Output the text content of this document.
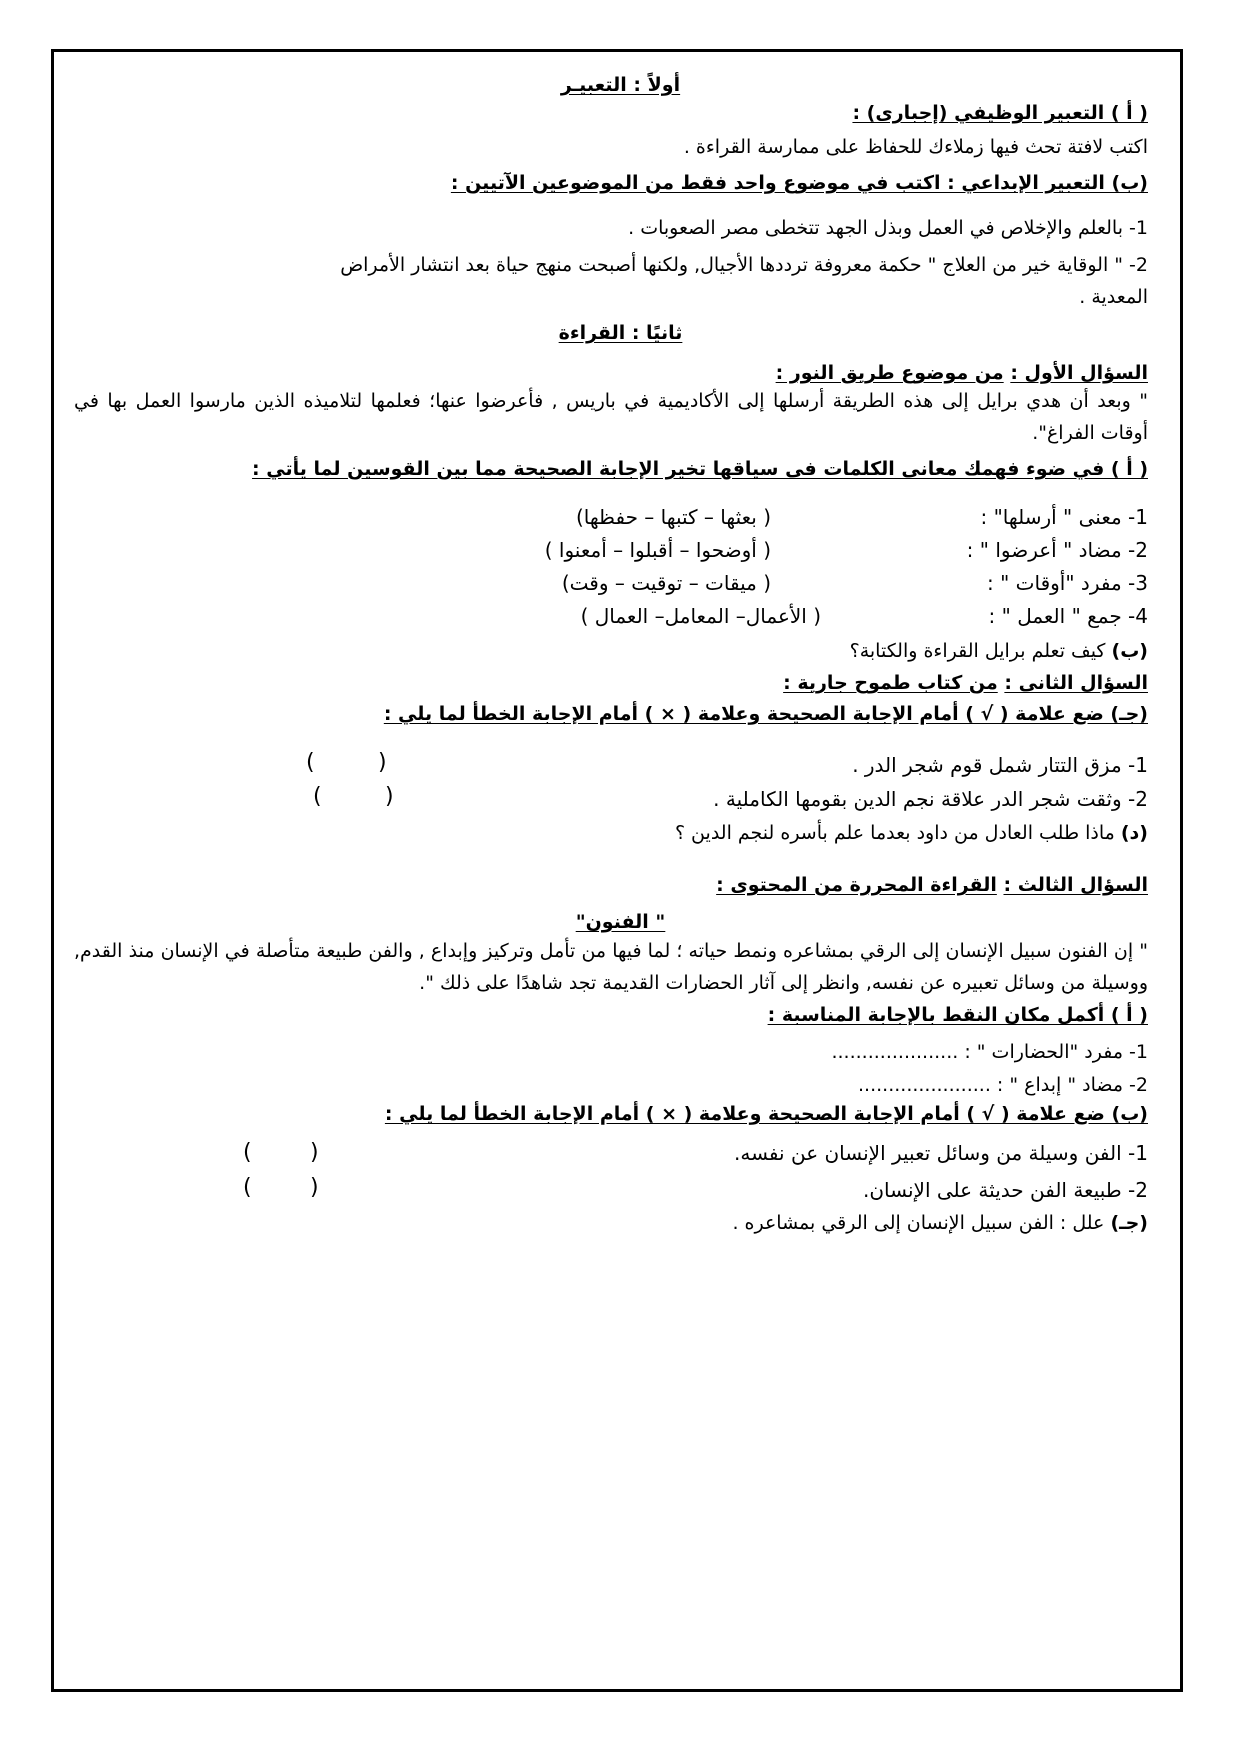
أولاً : التعبيـر
( أ ) التعبير الوظيفي (إجبارى) :
اكتب لافتة تحث فيها زملاءك للحفاظ على ممارسة القراءة .
(ب) التعبير الإبداعي : اكتب في موضوع واحد فقط من الموضوعين الآتيين :
1- بالعلم والإخلاص في العمل وبذل الجهد تتخطى مصر الصعوبات .
2- " الوقاية خير من العلاج " حكمة معروفة ترددها الأجيال, ولكنها أصبحت منهج حياة بعد انتشار الأمراض
المعدية .
ثانيًا : القراءة
السؤال الأول : من موضوع طريق النور :
" وبعد أن هدي برايل إلى هذه الطريقة أرسلها إلى الأكاديمية في باريس , فأعرضوا عنها؛ فعلمها لتلاميذه الذين مارسوا العمل بها في أوقات الفراغ".
( أ ) في ضوء فهمك معانى الكلمات فى سياقها تخير الإجابة الصحيحة مما بين القوسين لما يأتي :
1- معنى " أرسلها" :
( بعثها – كتبها – حفظها)
2- مضاد " أعرضوا " :
( أوضحوا – أقبلوا – أمعنوا )
3- مفرد "أوقات " :
( ميقات – توقيت – وقت)
4- جمع " العمل " :
( الأعمال– المعامل– العمال )
(ب) كيف تعلم برايل القراءة والكتابة؟
السؤال الثانى : من كتاب طموح جارية :
(جـ) ضع علامة ( √ ) أمام الإجابة الصحيحة وعلامة ( × ) أمام الإجابة الخطأ لما يلي :
1- مزق التتار شمل قوم شجر الدر .
(
)
2- وثقت شجر الدر علاقة نجم الدين بقومها الكاملية .
(
)
(د) ماذا طلب العادل من داود بعدما علم بأسره لنجم الدين ؟
السؤال الثالث : القراءة المحررة من المحتوى :
" الفنون"
" إن الفنون سبيل الإنسان إلى الرقي بمشاعره ونمط حياته ؛ لما فيها من تأمل وتركيز وإبداع , والفن طبيعة متأصلة في الإنسان منذ القدم, ووسيلة من وسائل تعبيره عن نفسه, وانظر إلى آثار الحضارات القديمة تجد شاهدًا على ذلك ".
( أ ) أكمل مكان النقط بالإجابة المناسبة :
1- مفرد "الحضارات " : .....................
2- مضاد " إبداع " : ......................
(ب) ضع علامة ( √ ) أمام الإجابة الصحيحة وعلامة ( × ) أمام الإجابة الخطأ لما يلي :
1- الفن وسيلة من وسائل تعبير الإنسان عن نفسه.
(
)
2- طبيعة الفن حديثة على الإنسان.
(
)
(جـ) علل : الفن سبيل الإنسان إلى الرقي بمشاعره .
